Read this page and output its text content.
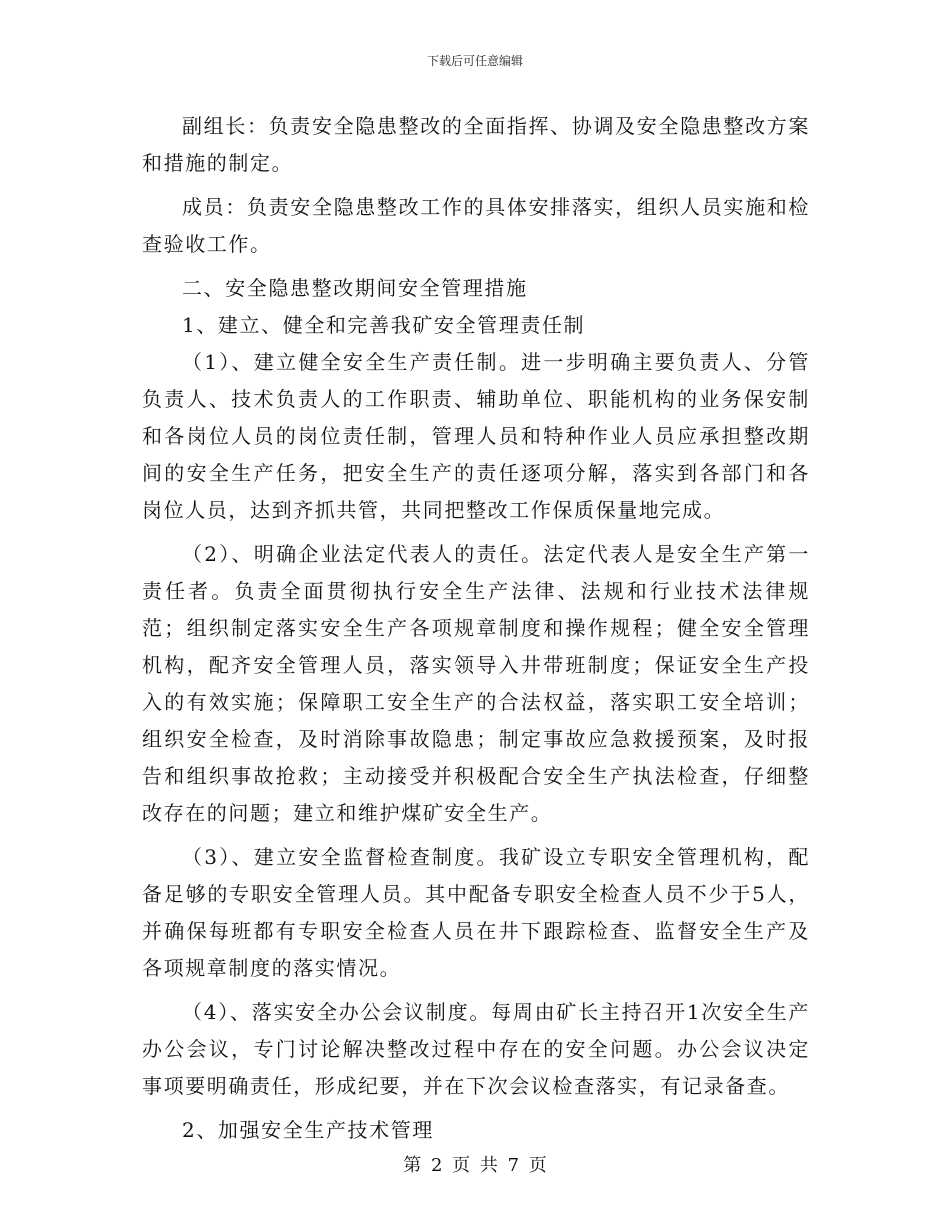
下载后可任意编辑

副组长：负责安全隐患整改的全面指挥、协调及安全隐患整改方案和措施的制定。

成员：负责安全隐患整改工作的具体安排落实，组织人员实施和检查验收工作。

二、安全隐患整改期间安全管理措施

1、建立、健全和完善我矿安全管理责任制

（1）、建立健全安全生产责任制。进一步明确主要负责人、分管负责人、技术负责人的工作职责、辅助单位、职能机构的业务保安制和各岗位人员的岗位责任制，管理人员和特种作业人员应承担整改期间的安全生产任务，把安全生产的责任逐项分解，落实到各部门和各岗位人员，达到齐抓共管，共同把整改工作保质保量地完成。

（2）、明确企业法定代表人的责任。法定代表人是安全生产第一责任者。负责全面贯彻执行安全生产法律、法规和行业技术法律规范；组织制定落实安全生产各项规章制度和操作规程；健全安全管理机构，配齐安全管理人员，落实领导入井带班制度；保证安全生产投入的有效实施；保障职工安全生产的合法权益，落实职工安全培训；组织安全检查，及时消除事故隐患；制定事故应急救援预案，及时报告和组织事故抢救；主动接受并积极配合安全生产执法检查，仔细整改存在的问题；建立和维护煤矿安全生产。

（3）、建立安全监督检查制度。我矿设立专职安全管理机构，配备足够的专职安全管理人员。其中配备专职安全检查人员不少于5人，并确保每班都有专职安全检查人员在井下跟踪检查、监督安全生产及各项规章制度的落实情况。

（4）、落实安全办公会议制度。每周由矿长主持召开1次安全生产办公会议，专门讨论解决整改过程中存在的安全问题。办公会议决定事项要明确责任，形成纪要，并在下次会议检查落实，有记录备查。

2、加强安全生产技术管理

第 2 页 共 7 页
